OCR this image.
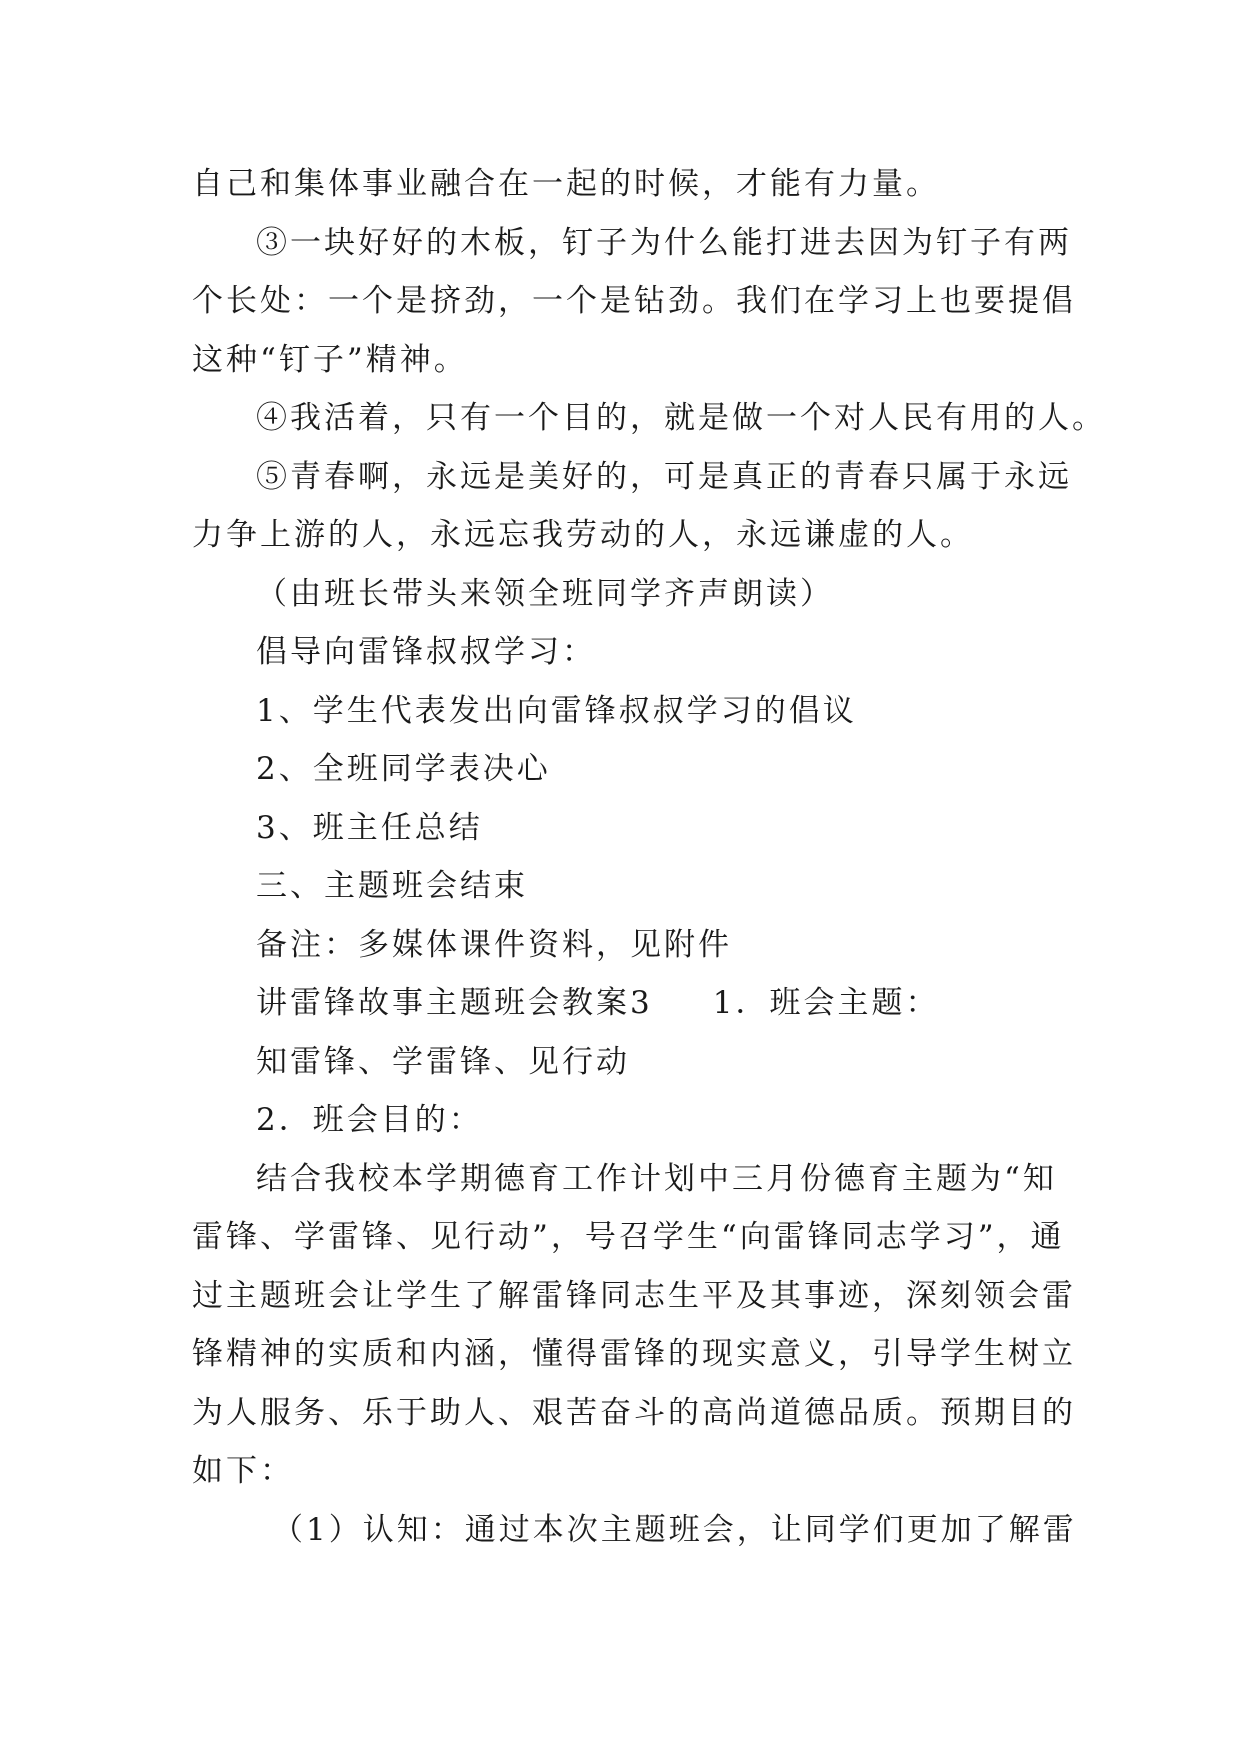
自己和集体事业融合在一起的时候，才能有力量。
③一块好好的木板，钉子为什么能打进去因为钉子有两
个长处：一个是挤劲，一个是钻劲。我们在学习上也要提倡
这种“钉子”精神。
④我活着，只有一个目的，就是做一个对人民有用的人。
⑤青春啊，永远是美好的，可是真正的青春只属于永远
力争上游的人，永远忘我劳动的人，永远谦虚的人。
（由班长带头来领全班同学齐声朗读）
倡导向雷锋叔叔学习：
1、学生代表发出向雷锋叔叔学习的倡议
2、全班同学表决心
3、班主任总结
三、主题班会结束
备注：多媒体课件资料，见附件
讲雷锋故事主题班会教案3 1．班会主题：
知雷锋、学雷锋、见行动
2．班会目的：
结合我校本学期德育工作计划中三月份德育主题为“知
雷锋、学雷锋、见行动”，号召学生“向雷锋同志学习”，通
过主题班会让学生了解雷锋同志生平及其事迹，深刻领会雷
锋精神的实质和内涵，懂得雷锋的现实意义，引导学生树立
为人服务、乐于助人、艰苦奋斗的高尚道德品质。预期目的
如下：
（1）认知：通过本次主题班会，让同学们更加了解雷
